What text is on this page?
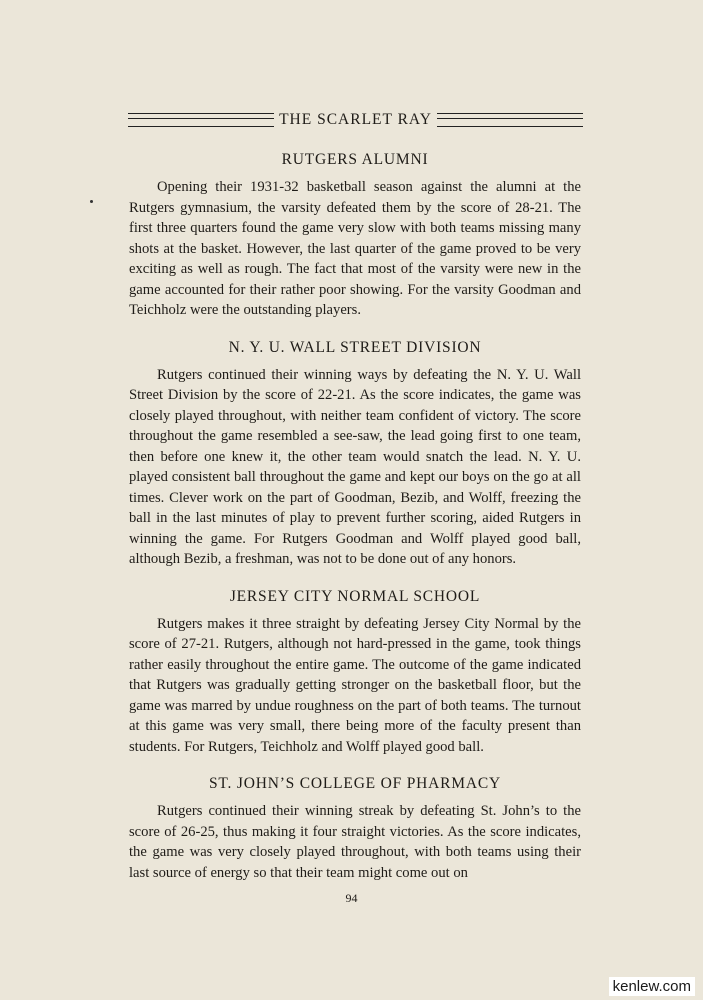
THE SCARLET RAY
RUTGERS ALUMNI

Opening their 1931-32 basketball season against the alumni at the Rutgers gymnasium, the varsity defeated them by the score of 28-21. The first three quarters found the game very slow with both teams missing many shots at the basket. However, the last quarter of the game proved to be very exciting as well as rough. The fact that most of the varsity were new in the game accounted for their rather poor showing. For the varsity Goodman and Teichholz were the outstanding players.

N. Y. U. WALL STREET DIVISION

Rutgers continued their winning ways by defeating the N. Y. U. Wall Street Division by the score of 22-21. As the score indicates, the game was closely played throughout, with neither team confident of victory. The score throughout the game resembled a see-saw, the lead going first to one team, then before one knew it, the other team would snatch the lead. N. Y. U. played consistent ball throughout the game and kept our boys on the go at all times. Clever work on the part of Goodman, Bezib, and Wolff, freezing the ball in the last minutes of play to prevent further scoring, aided Rutgers in winning the game. For Rutgers Goodman and Wolff played good ball, although Bezib, a freshman, was not to be done out of any honors.

JERSEY CITY NORMAL SCHOOL

Rutgers makes it three straight by defeating Jersey City Normal by the score of 27-21. Rutgers, although not hard-pressed in the game, took things rather easily throughout the entire game. The outcome of the game indicated that Rutgers was gradually getting stronger on the basketball floor, but the game was marred by undue roughness on the part of both teams. The turnout at this game was very small, there being more of the faculty present than students. For Rutgers, Teichholz and Wolff played good ball.

ST. JOHN’S COLLEGE OF PHARMACY

Rutgers continued their winning streak by defeating St. John’s to the score of 26-25, thus making it four straight victories. As the score indicates, the game was very closely played throughout, with both teams using their last source of energy so that their team might come out on

94
kenlew.com
